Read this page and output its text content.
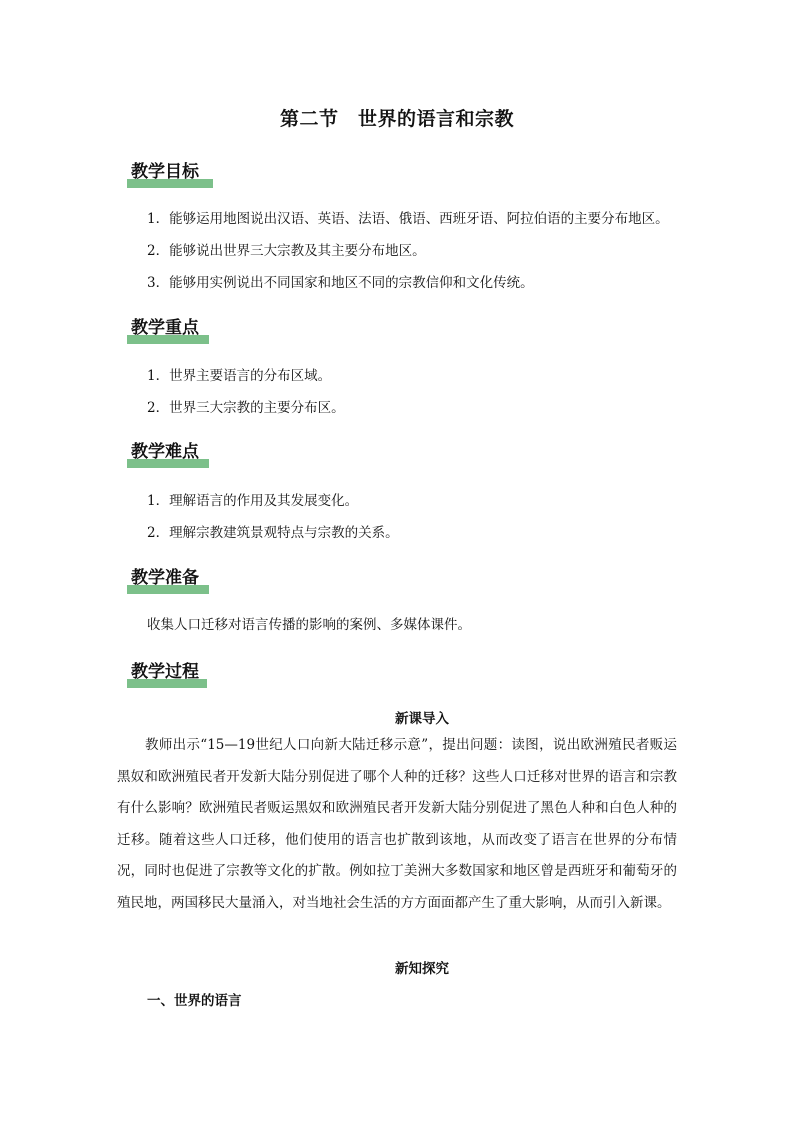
第二节　世界的语言和宗教
教学目标
1．能够运用地图说出汉语、英语、法语、俄语、西班牙语、阿拉伯语的主要分布地区。
2．能够说出世界三大宗教及其主要分布地区。
3．能够用实例说出不同国家和地区不同的宗教信仰和文化传统。
教学重点
1．世界主要语言的分布区域。
2．世界三大宗教的主要分布区。
教学难点
1．理解语言的作用及其发展变化。
2．理解宗教建筑景观特点与宗教的关系。
教学准备
收集人口迁移对语言传播的影响的案例、多媒体课件。
教学过程
新课导入
教师出示“15—19世纪人口向新大陆迁移示意”，提出问题：读图，说出欧洲殖民者贩运黑奴和欧洲殖民者开发新大陆分别促进了哪个人种的迁移？这些人口迁移对世界的语言和宗教有什么影响？欧洲殖民者贩运黑奴和欧洲殖民者开发新大陆分别促进了黑色人种和白色人种的迁移。随着这些人口迁移，他们使用的语言也扩散到该地，从而改变了语言在世界的分布情况，同时也促进了宗教等文化的扩散。例如拉丁美洲大多数国家和地区曾是西班牙和葡萄牙的殖民地，两国移民大量涌入，对当地社会生活的方方面面都产生了重大影响，从而引入新课。
新知探究
一、世界的语言
